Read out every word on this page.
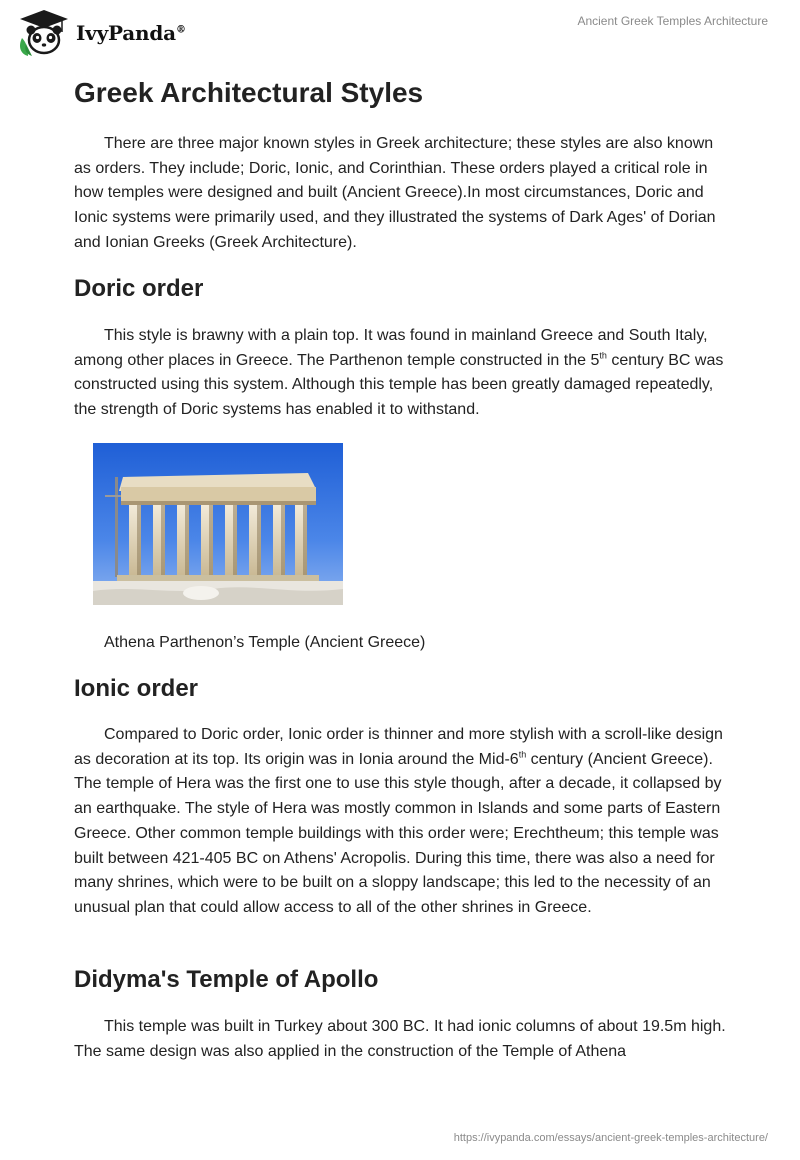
IvyPanda®
Ancient Greek Temples Architecture
Greek Architectural Styles

There are three major known styles in Greek architecture; these styles are also known as orders. They include; Doric, Ionic, and Corinthian. These orders played a critical role in how temples were designed and built (Ancient Greece).In most circumstances, Doric and Ionic systems were primarily used, and they illustrated the systems of Dark Ages' of Dorian and Ionian Greeks (Greek Architecture).

Doric order

This style is brawny with a plain top. It was found in mainland Greece and South Italy, among other places in Greece. The Parthenon temple constructed in the 5th century BC was constructed using this system. Although this temple has been greatly damaged repeatedly, the strength of Doric systems has enabled it to withstand.

Athena Parthenon’s Temple (Ancient Greece)
Ionic order

Compared to Doric order, Ionic order is thinner and more stylish with a scroll-like design as decoration at its top. Its origin was in Ionia around the Mid-6th century (Ancient Greece). The temple of Hera was the first one to use this style though, after a decade, it collapsed by an earthquake. The style of Hera was mostly common in Islands and some parts of Eastern Greece. Other common temple buildings with this order were; Erechtheum; this temple was built between 421-405 BC on Athens' Acropolis. During this time, there was also a need for many shrines, which were to be built on a sloppy landscape; this led to the necessity of an unusual plan that could allow access to all of the other shrines in Greece.

Didyma's Temple of Apollo

This temple was built in Turkey about 300 BC. It had ionic columns of about 19.5m high. The same design was also applied in the construction of the Temple of Athena

https://ivypanda.com/essays/ancient-greek-temples-architecture/
